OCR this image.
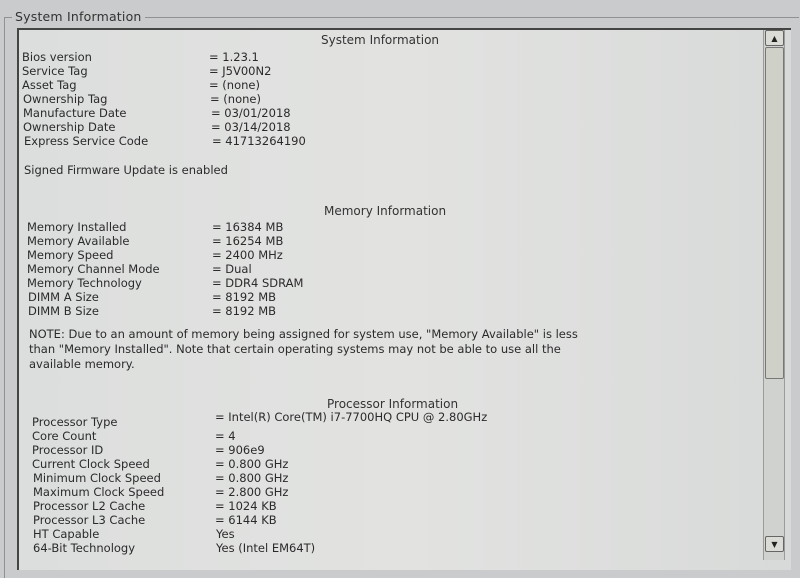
System Information
System Information
Bios version	= 1.23.1
Service Tag	= J5V00N2
Asset Tag	= (none)
Ownership Tag	= (none)
Manufacture Date	= 03/01/2018
Ownership Date	= 03/14/2018
Express Service Code	= 41713264190
Signed Firmware Update is enabled
Memory Information
Memory Installed	= 16384 MB
Memory Available	= 16254 MB
Memory Speed	= 2400 MHz
Memory Channel Mode	= Dual
Memory Technology	= DDR4 SDRAM
DIMM A Size	= 8192 MB
DIMM B Size	= 8192 MB
NOTE: Due to an amount of memory being assigned for system use, "Memory Available" is less
than "Memory Installed". Note that certain operating systems may not be able to use all the
available memory.
Processor Information
Processor Type	= Intel(R) Core(TM) i7-7700HQ CPU @ 2.80GHz
Core Count	= 4
Processor ID	= 906e9
Current Clock Speed	= 0.800 GHz
Minimum Clock Speed	= 0.800 GHz
Maximum Clock Speed	= 2.800 GHz
Processor L2 Cache	= 1024 KB
Processor L3 Cache	= 6144 KB
HT Capable	Yes
64-Bit Technology	Yes (Intel EM64T)
▲
▼
